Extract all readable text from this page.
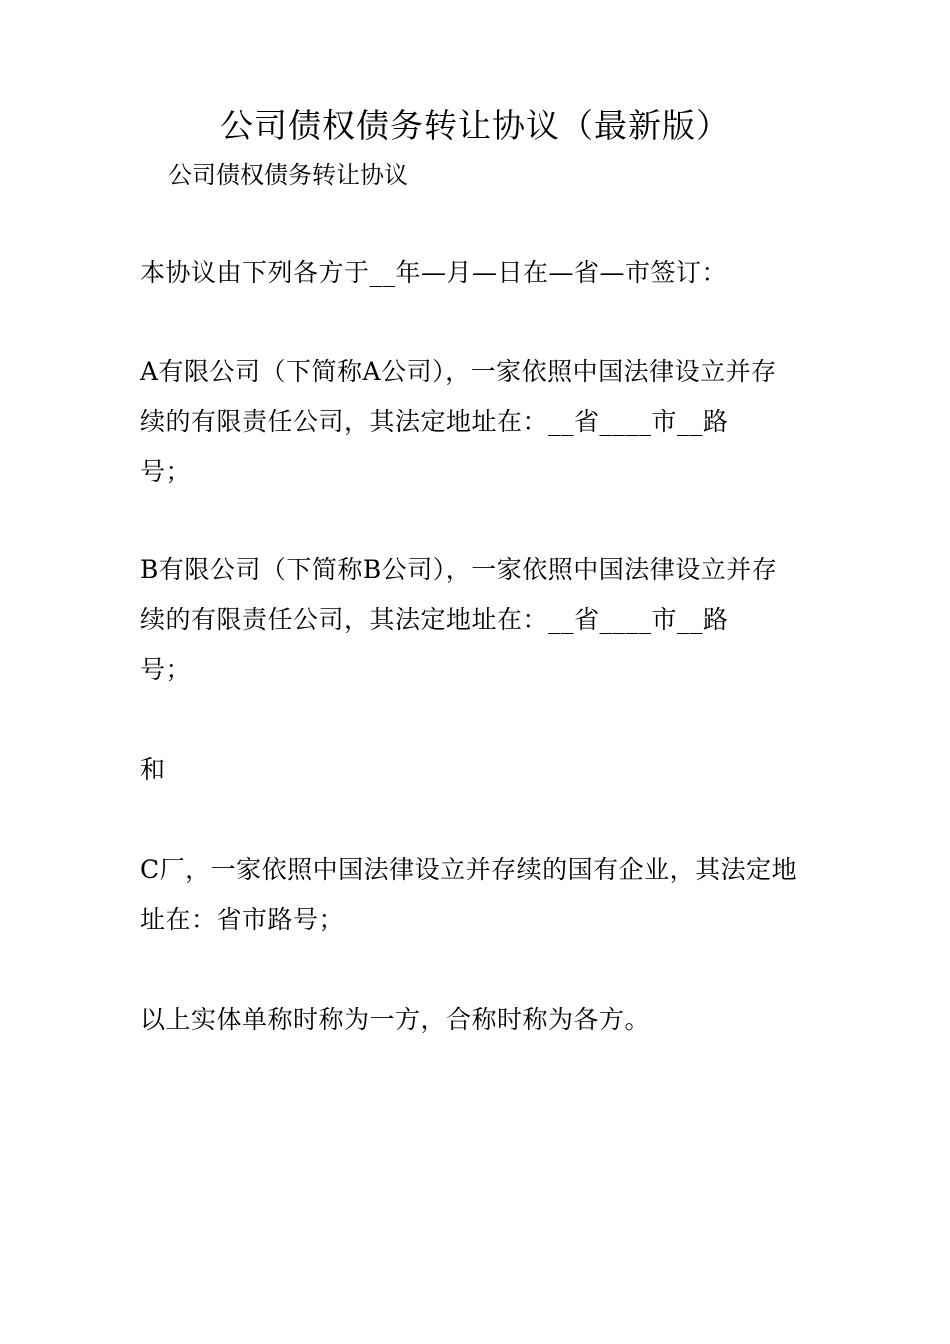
公司债权债务转让协议（最新版）
公司债权债务转让协议
本协议由下列各方于__年—月—日在—省—市签订：
A有限公司（下简称A公司），一家依照中国法律设立并存
续的有限责任公司，其法定地址在：__省____市__路
号；
B有限公司（下简称B公司），一家依照中国法律设立并存
续的有限责任公司，其法定地址在：__省____市__路
号；
和
C厂，一家依照中国法律设立并存续的国有企业，其法定地
址在：省市路号；
以上实体单称时称为一方，合称时称为各方。
